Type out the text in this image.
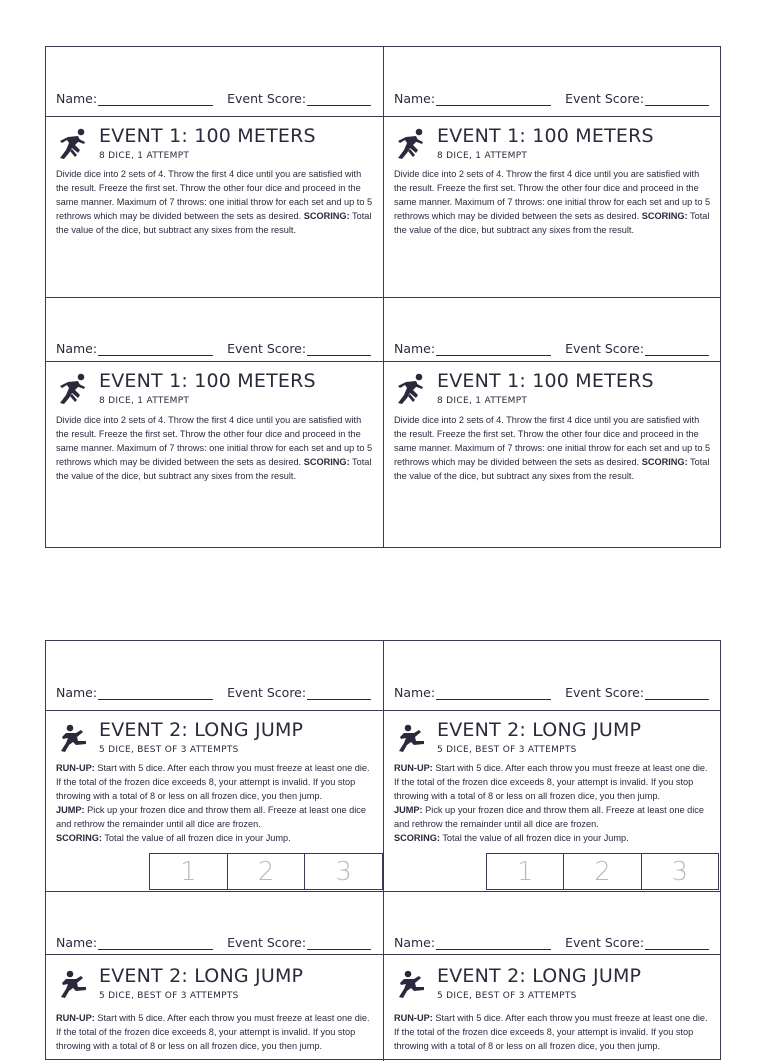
Name:	Event Score:
EVENT 1: 100 METERS
8 DICE, 1 ATTEMPT
Divide dice into 2 sets of 4. Throw the first 4 dice until you are satisfied with the result. Freeze the first set. Throw the other four dice and proceed in the same manner. Maximum of 7 throws: one initial throw for each set and up to 5 rethrows which may be divided between the sets as desired. SCORING: Total the value of the dice, but subtract any sixes from the result.
Name:	Event Score:
EVENT 1: 100 METERS
8 DICE, 1 ATTEMPT
Divide dice into 2 sets of 4. Throw the first 4 dice until you are satisfied with the result. Freeze the first set. Throw the other four dice and proceed in the same manner. Maximum of 7 throws: one initial throw for each set and up to 5 rethrows which may be divided between the sets as desired. SCORING: Total the value of the dice, but subtract any sixes from the result.
Name:	Event Score:
EVENT 1: 100 METERS
8 DICE, 1 ATTEMPT
Divide dice into 2 sets of 4. Throw the first 4 dice until you are satisfied with the result. Freeze the first set. Throw the other four dice and proceed in the same manner. Maximum of 7 throws: one initial throw for each set and up to 5 rethrows which may be divided between the sets as desired. SCORING: Total the value of the dice, but subtract any sixes from the result.
Name:	Event Score:
EVENT 1: 100 METERS
8 DICE, 1 ATTEMPT
Divide dice into 2 sets of 4. Throw the first 4 dice until you are satisfied with the result. Freeze the first set. Throw the other four dice and proceed in the same manner. Maximum of 7 throws: one initial throw for each set and up to 5 rethrows which may be divided between the sets as desired. SCORING: Total the value of the dice, but subtract any sixes from the result.
Name:	Event Score:
EVENT 2: LONG JUMP
5 DICE, BEST OF 3 ATTEMPTS
RUN-UP: Start with 5 dice. After each throw you must freeze at least one die. If the total of the frozen dice exceeds 8, your attempt is invalid. If you stop throwing with a total of 8 or less on all frozen dice, you then jump.
JUMP: Pick up your frozen dice and throw them all. Freeze at least one dice and rethrow the remainder until all dice are frozen.
SCORING: Total the value of all frozen dice in your Jump.
1	2	3
Name:	Event Score:
EVENT 2: LONG JUMP
5 DICE, BEST OF 3 ATTEMPTS
RUN-UP: Start with 5 dice. After each throw you must freeze at least one die. If the total of the frozen dice exceeds 8, your attempt is invalid. If you stop throwing with a total of 8 or less on all frozen dice, you then jump.
JUMP: Pick up your frozen dice and throw them all. Freeze at least one dice and rethrow the remainder until all dice are frozen.
SCORING: Total the value of all frozen dice in your Jump.
1	2	3
Name:	Event Score:
EVENT 2: LONG JUMP
5 DICE, BEST OF 3 ATTEMPTS
RUN-UP: Start with 5 dice. After each throw you must freeze at least one die. If the total of the frozen dice exceeds 8, your attempt is invalid. If you stop throwing with a total of 8 or less on all frozen dice, you then jump.
Name:	Event Score:
EVENT 2: LONG JUMP
5 DICE, BEST OF 3 ATTEMPTS
RUN-UP: Start with 5 dice. After each throw you must freeze at least one die. If the total of the frozen dice exceeds 8, your attempt is invalid. If you stop throwing with a total of 8 or less on all frozen dice, you then jump.
